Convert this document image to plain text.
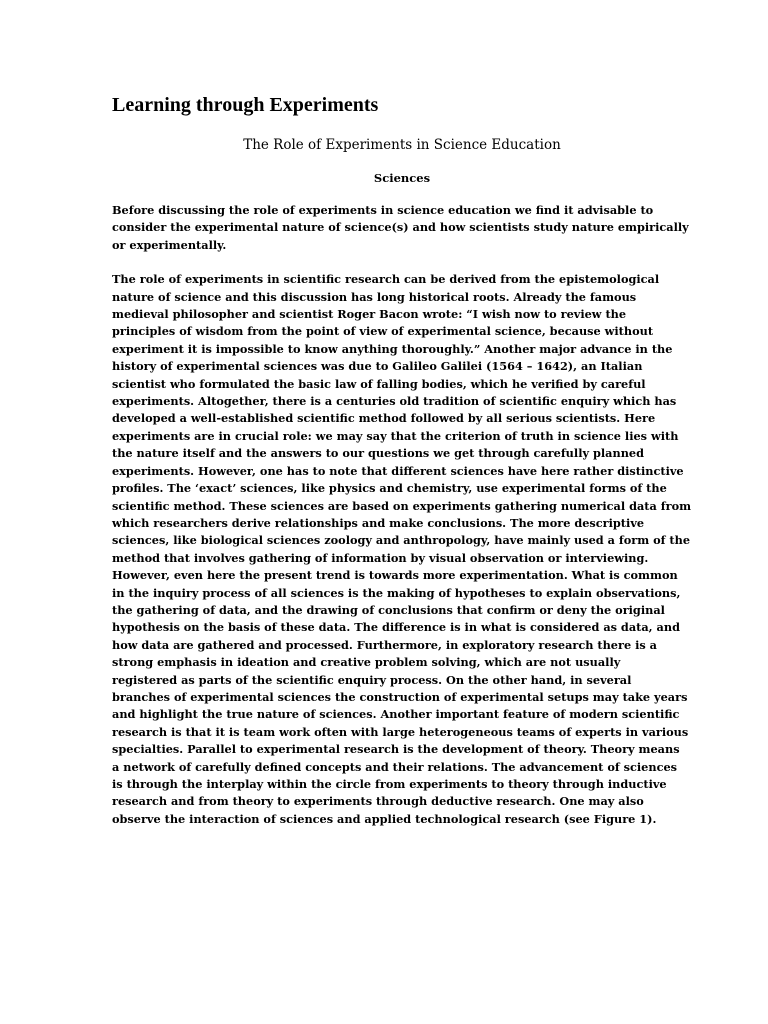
Learning through Experiments
The Role of Experiments in Science Education
Sciences

Before discussing the role of experiments in science education we find it advisable to
consider the experimental nature of science(s) and how scientists study nature empirically
or experimentally.

The role of experiments in scientific research can be derived from the epistemological
nature of science and this discussion has long historical roots. Already the famous
medieval philosopher and scientist Roger Bacon wrote: “I wish now to review the
principles of wisdom from the point of view of experimental science, because without
experiment it is impossible to know anything thoroughly.” Another major advance in the
history of experimental sciences was due to Galileo Galilei (1564 – 1642), an Italian
scientist who formulated the basic law of falling bodies, which he verified by careful
experiments. Altogether, there is a centuries old tradition of scientific enquiry which has
developed a well-established scientific method followed by all serious scientists. Here
experiments are in crucial role: we may say that the criterion of truth in science lies with
the nature itself and the answers to our questions we get through carefully planned
experiments. However, one has to note that different sciences have here rather distinctive
profiles. The ‘exact’ sciences, like physics and chemistry, use experimental forms of the
scientific method. These sciences are based on experiments gathering numerical data from
which researchers derive relationships and make conclusions. The more descriptive
sciences, like biological sciences zoology and anthropology, have mainly used a form of the
method that involves gathering of information by visual observation or interviewing.
However, even here the present trend is towards more experimentation. What is common
in the inquiry process of all sciences is the making of hypotheses to explain observations,
the gathering of data, and the drawing of conclusions that confirm or deny the original
hypothesis on the basis of these data. The difference is in what is considered as data, and
how data are gathered and processed. Furthermore, in exploratory research there is a
strong emphasis in ideation and creative problem solving, which are not usually
registered as parts of the scientific enquiry process. On the other hand, in several
branches of experimental sciences the construction of experimental setups may take years
and highlight the true nature of sciences. Another important feature of modern scientific
research is that it is team work often with large heterogeneous teams of experts in various
specialties. Parallel to experimental research is the development of theory. Theory means
a network of carefully defined concepts and their relations. The advancement of sciences
is through the interplay within the circle from experiments to theory through inductive
research and from theory to experiments through deductive research. One may also
observe the interaction of sciences and applied technological research (see Figure 1).
